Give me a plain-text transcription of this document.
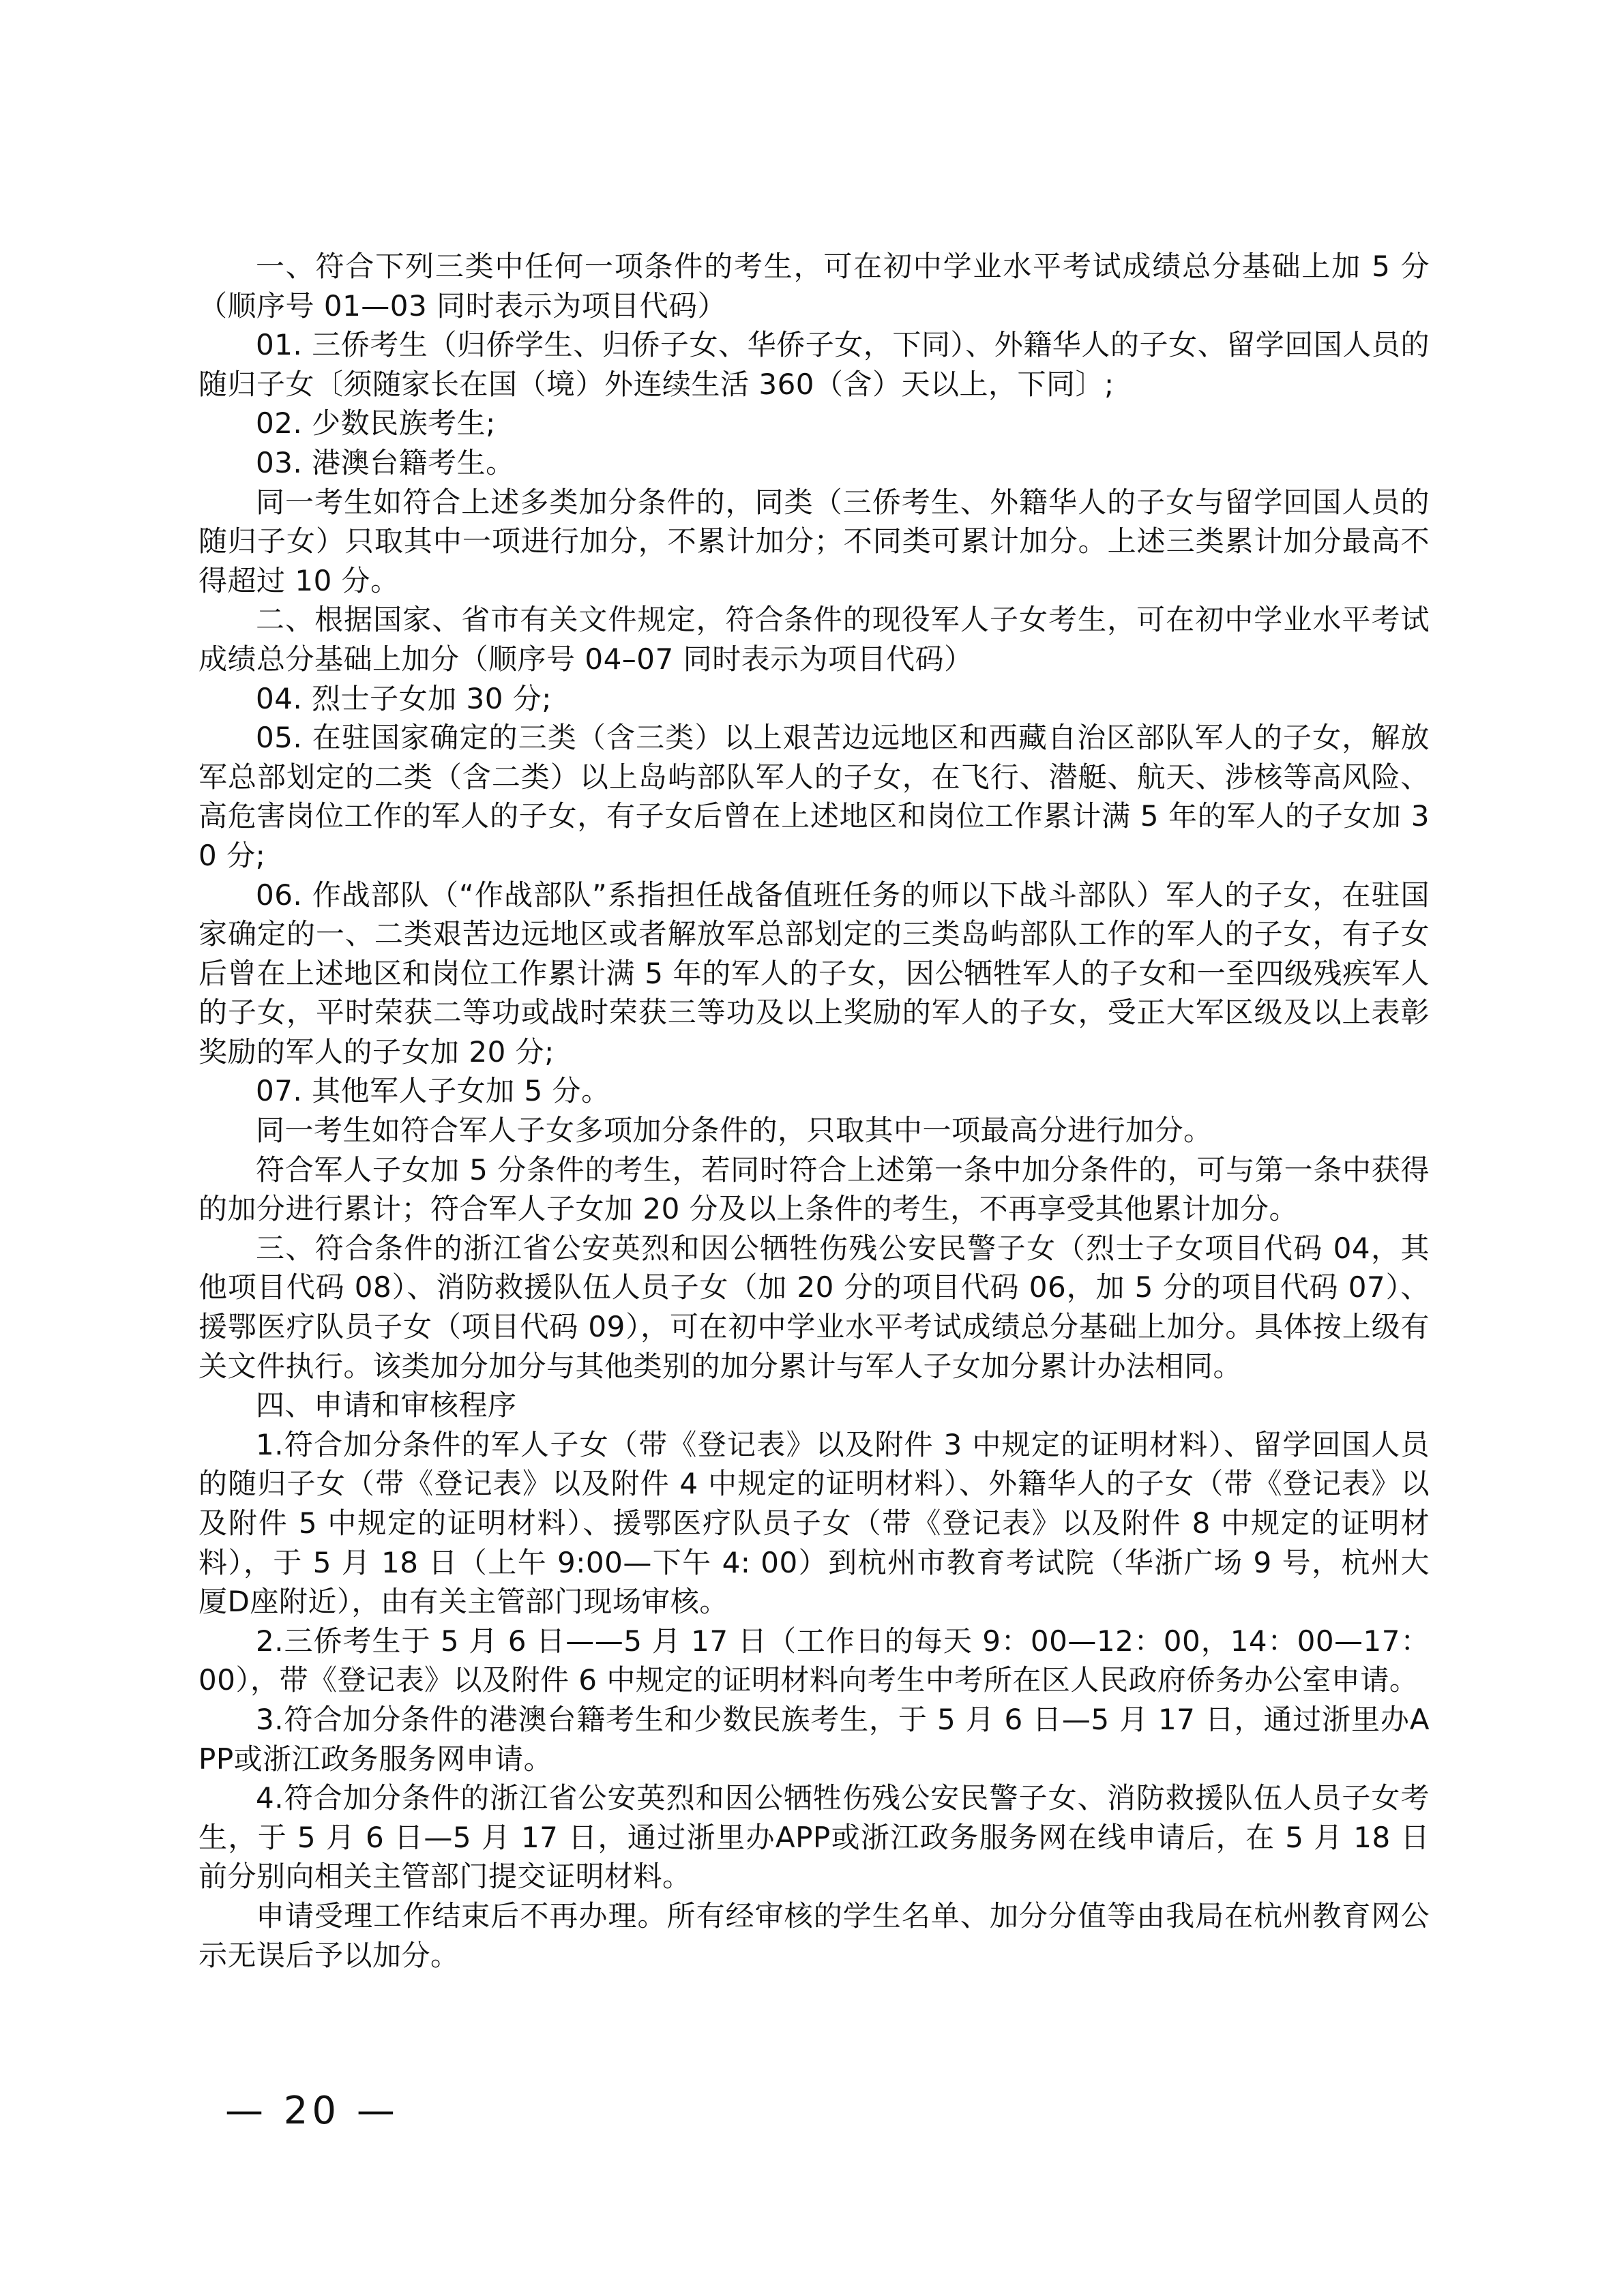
一、符合下列三类中任何一项条件的考生，可在初中学业水平考试成绩总分基础上加 5 分（顺序号 01—03 同时表示为项目代码）

01. 三侨考生（归侨学生、归侨子女、华侨子女，下同）、外籍华人的子女、留学回国人员的随归子女〔须随家长在国（境）外连续生活 360（含）天以上，下同〕;

02. 少数民族考生;

03. 港澳台籍考生。

同一考生如符合上述多类加分条件的，同类（三侨考生、外籍华人的子女与留学回国人员的随归子女）只取其中一项进行加分，不累计加分；不同类可累计加分。上述三类累计加分最高不得超过 10 分。

二、根据国家、省市有关文件规定，符合条件的现役军人子女考生，可在初中学业水平考试成绩总分基础上加分（顺序号 04–07 同时表示为项目代码）

04. 烈士子女加 30 分;

05. 在驻国家确定的三类（含三类）以上艰苦边远地区和西藏自治区部队军人的子女，解放军总部划定的二类（含二类）以上岛屿部队军人的子女，在飞行、潜艇、航天、涉核等高风险、高危害岗位工作的军人的子女，有子女后曾在上述地区和岗位工作累计满 5 年的军人的子女加 30 分;

06. 作战部队（“作战部队”系指担任战备值班任务的师以下战斗部队）军人的子女，在驻国家确定的一、二类艰苦边远地区或者解放军总部划定的三类岛屿部队工作的军人的子女，有子女后曾在上述地区和岗位工作累计满 5 年的军人的子女，因公牺牲军人的子女和一至四级残疾军人的子女，平时荣获二等功或战时荣获三等功及以上奖励的军人的子女，受正大军区级及以上表彰奖励的军人的子女加 20 分;

07. 其他军人子女加 5 分。

同一考生如符合军人子女多项加分条件的，只取其中一项最高分进行加分。

符合军人子女加 5 分条件的考生，若同时符合上述第一条中加分条件的，可与第一条中获得的加分进行累计；符合军人子女加 20 分及以上条件的考生，不再享受其他累计加分。

三、符合条件的浙江省公安英烈和因公牺牲伤残公安民警子女（烈士子女项目代码 04，其他项目代码 08）、消防救援队伍人员子女（加 20 分的项目代码 06，加 5 分的项目代码 07）、援鄂医疗队员子女（项目代码 09），可在初中学业水平考试成绩总分基础上加分。具体按上级有关文件执行。该类加分加分与其他类别的加分累计与军人子女加分累计办法相同。

四、申请和审核程序

1.符合加分条件的军人子女（带《登记表》以及附件 3 中规定的证明材料）、留学回国人员的随归子女（带《登记表》以及附件 4 中规定的证明材料）、外籍华人的子女（带《登记表》以及附件 5 中规定的证明材料）、援鄂医疗队员子女（带《登记表》以及附件 8 中规定的证明材料），于 5 月 18 日（上午 9:00—下午 4: 00）到杭州市教育考试院（华浙广场 9 号，杭州大厦D座附近），由有关主管部门现场审核。

2.三侨考生于 5 月 6 日——5 月 17 日（工作日的每天 9：00—12：00，14：00—17：00），带《登记表》以及附件 6 中规定的证明材料向考生中考所在区人民政府侨务办公室申请。

3.符合加分条件的港澳台籍考生和少数民族考生，于 5 月 6 日—5 月 17 日，通过浙里办APP或浙江政务服务网申请。

4.符合加分条件的浙江省公安英烈和因公牺牲伤残公安民警子女、消防救援队伍人员子女考生，于 5 月 6 日—5 月 17 日，通过浙里办APP或浙江政务服务网在线申请后，在 5 月 18 日前分别向相关主管部门提交证明材料。

申请受理工作结束后不再办理。所有经审核的学生名单、加分分值等由我局在杭州教育网公示无误后予以加分。

— 20 —
